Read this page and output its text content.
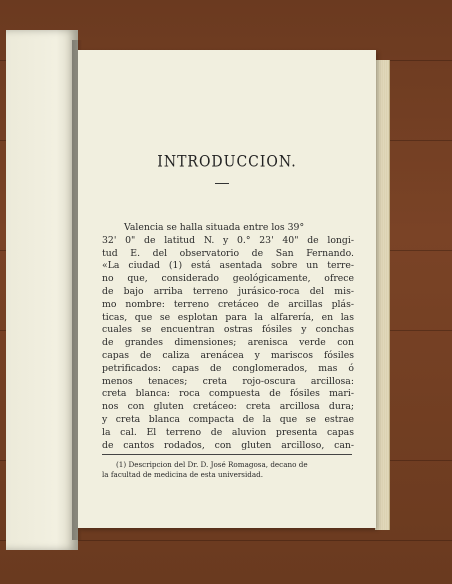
INTRODUCCION.
Valencia se halla situada entre los 39°
32' 0" de latitud N. y 0.° 23' 40" de longi-
tud E. del observatorio de San Fernando.
«La ciudad (1) está asentada sobre un terre-
no que, considerado geológicamente, ofrece
de bajo arriba terreno jurásico-roca del mis-
mo nombre: terreno cretáceo de arcillas plás-
ticas, que se esplotan para la alfarería, en las
cuales se encuentran ostras fósiles y conchas
de grandes dimensiones; arenisca verde con
capas de caliza arenácea y mariscos fósiles
petrificados: capas de conglomerados, mas ó
menos tenaces; creta rojo-oscura arcillosa:
creta blanca: roca compuesta de fósiles mari-
nos con gluten cretáceo: creta arcillosa dura;
y creta blanca compacta de la que se estrae
la cal. El terreno de aluvion presenta capas
de cantos rodados, con gluten arcilloso, can-
(1) Descripcion del Dr. D. José Romagosa, decano de
la facultad de medicina de esta universidad.
